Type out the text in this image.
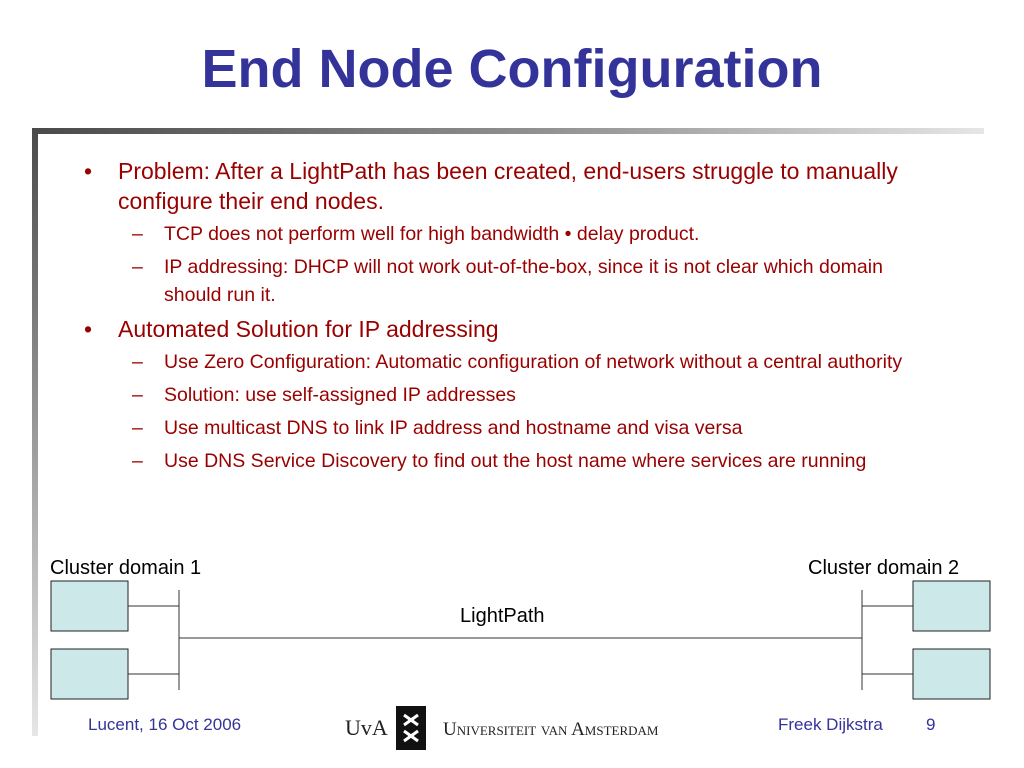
End Node Configuration
• Problem: After a LightPath has been created, end-users struggle to manually configure their end nodes.
– TCP does not perform well for high bandwidth • delay product.
– IP addressing: DHCP will not work out-of-the-box, since it is not clear which domain should run it.
• Automated Solution for IP addressing
– Use Zero Configuration: Automatic configuration of network without a central authority
– Solution: use self-assigned IP addresses
– Use multicast DNS to link IP address and hostname and visa versa
– Use DNS Service Discovery to find out the host name where services are running
Cluster domain 1	Cluster domain 2
LightPath
Lucent, 16 Oct 2006	UvA	Universiteit van Amsterdam	Freek Dijkstra	9
